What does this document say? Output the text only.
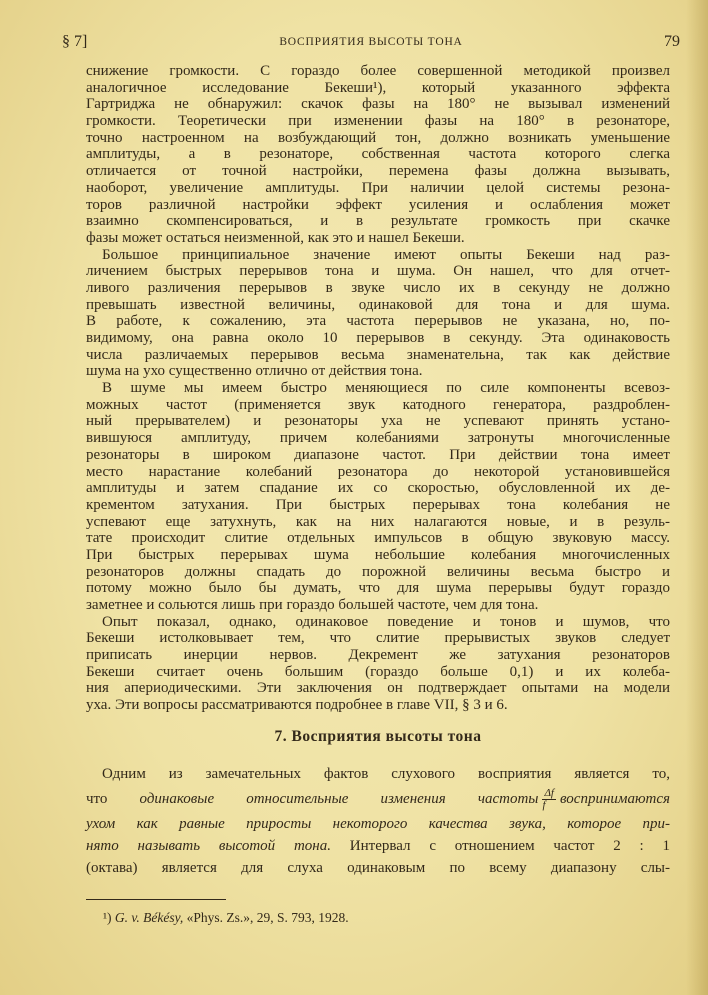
§ 7]	ВОСПРИЯТИЯ ВЫСОТЫ ТОНА	79
снижение громкости. С гораздо более совершенной методикой произвел
аналогичное исследование Бекеши¹), который указанного эффекта
Гартриджа не обнаружил: скачок фазы на 180° не вызывал изменений
громкости. Теоретически при изменении фазы на 180° в резонаторе,
точно настроенном на возбуждающий тон, должно возникать уменьшение
амплитуды, а в резонаторе, собственная частота которого слегка
отличается от точной настройки, перемена фазы должна вызывать,
наоборот, увеличение амплитуды. При наличии целой системы резона-
торов различной настройки эффект усиления и ослабления может
взаимно скомпенсироваться, и в результате громкость при скачке
фазы может остаться неизменной, как это и нашел Бекеши.
Большое принципиальное значение имеют опыты Бекеши над раз-
личением быстрых перерывов тона и шума. Он нашел, что для отчет-
ливого различения перерывов в звуке число их в секунду не должно
превышать известной величины, одинаковой для тона и для шума.
В работе, к сожалению, эта частота перерывов не указана, но, по-
видимому, она равна около 10 перерывов в секунду. Эта одинаковость
числа различаемых перерывов весьма знаменательна, так как действие
шума на ухо существенно отлично от действия тона.
В шуме мы имеем быстро меняющиеся по силе компоненты всевоз-
можных частот (применяется звук катодного генератора, раздроблен-
ный прерывателем) и резонаторы уха не успевают принять устано-
вившуюся амплитуду, причем колебаниями затронуты многочисленные
резонаторы в широком диапазоне частот. При действии тона имеет
место нарастание колебаний резонатора до некоторой установившейся
амплитуды и затем спадание их со скоростью, обусловленной их де-
крементом затухания. При быстрых перерывах тона колебания не
успевают еще затухнуть, как на них налагаются новые, и в резуль-
тате происходит слитие отдельных импульсов в общую звуковую массу.
При быстрых перерывах шума небольшие колебания многочисленных
резонаторов должны спадать до порожной величины весьма быстро и
потому можно было бы думать, что для шума перерывы будут гораздо
заметнее и сольются лишь при гораздо большей частоте, чем для тона.
Опыт показал, однако, одинаковое поведение и тонов и шумов, что
Бекеши истолковывает тем, что слитие прерывистых звуков следует
приписать инерции нервов. Декремент же затухания резонаторов
Бекеши считает очень большим (гораздо больше 0,1) и их колеба-
ния апериодическими. Эти заключения он подтверждает опытами на модели
уха. Эти вопросы рассматриваются подробнее в главе VII, § 3 и 6.
7. Восприятия высоты тона
Одним из замечательных фактов слухового восприятия является то,
что одинаковые относительные изменения частоты $\frac{\Delta f}{f}$ воспринимаются
ухом как равные приросты некоторого качества звука, которое при-
нято называть высотой тона. Интервал с отношением частот 2 : 1
(октава) является для слуха одинаковым по всему диапазону слы-
¹) G. v. Békésy, «Phys. Zs.», 29, S. 793, 1928.
